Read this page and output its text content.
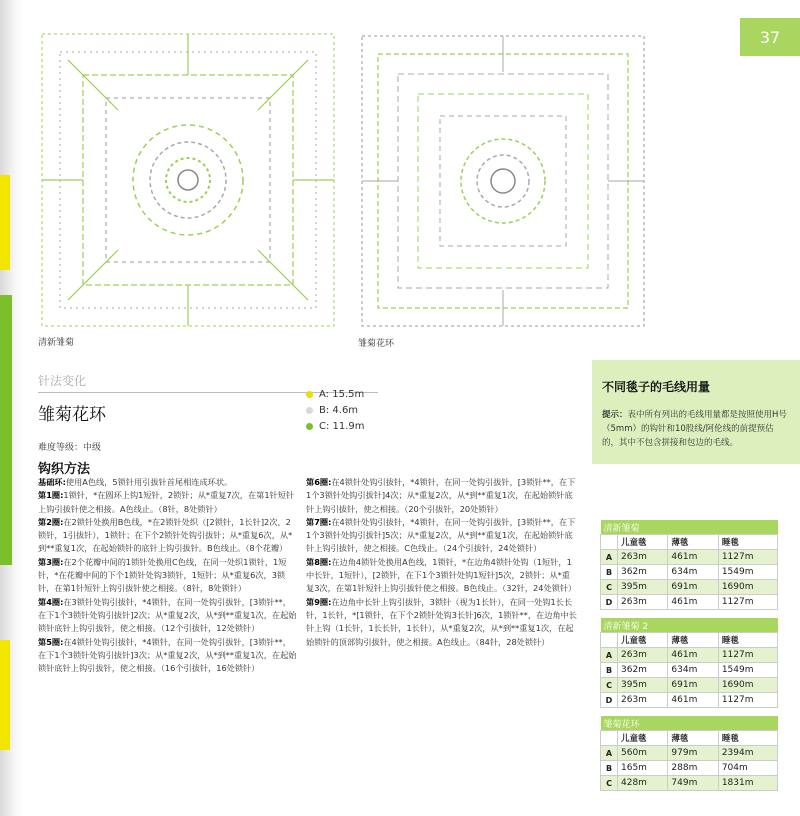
37
清新雏菊	雏菊花环
针法变化
雏菊花环
难度等级：中级
钩织方法
A: 15.5m
B: 4.6m
C: 11.9m

基础环:使用A色线，5锁针用引拔针首尾相连成环状。

第1圈:1锁针，*在圆环上钩1短针，2锁针；从*重复7次，在第1针短针上钩引拔针使之相接。A色线止。（8针，8处锁针）

第2圈:在2锁针处换用B色线，*在2锁针处织（[2锁针，1长针]2次，2锁针，1引拔针），1锁针；在下个2锁针处钩引拔针；从*重复6次，从*到**重复1次，在起始锁针的底针上钩引拔针。B色线止。（8个花瓣）

第3圈:在2个花瓣中间的1锁针处换用C色线，在同一处织1锁针，1短针，*在花瓣中间的下个1锁针处钩3锁针，1短针；从*重复6次，3锁针，在第1针短针上钩引拔针使之相接。（8针，8处锁针）

第4圈:在3锁针处钩引拔针，*4锁针，在同一处钩引拔针，[3锁针**，在下1个3锁针处钩引拔针]2次；从*重复2次，从*到**重复1次，在起始锁针底针上钩引拔针，使之相接。（12个引拔针，12处锁针）

第5圈:在4锁针处钩引拔针，*4锁针，在同一处钩引拔针，[3锁针**，在下1个3锁针处钩引拔针]3次；从*重复2次，从*到**重复1次，在起始锁针底针上钩引拔针，使之相接。（16个引拔针，16处锁针）

第6圈:在4锁针处钩引拔针，*4锁针，在同一处钩引拔针，[3锁针**，在下1个3锁针处钩引拔针]4次；从*重复2次，从*到**重复1次，在起始锁针底针上钩引拔针，使之相接。（20个引拔针，20处锁针）

第7圈:在4锁针处钩引拔针，*4锁针，在同一处钩引拔针，[3锁针**，在下1个3锁针处钩引拔针]5次；从*重复2次，从*到**重复1次，在起始锁针底针上钩引拔针，使之相接。C色线止。（24个引拔针，24处锁针）

第8圈:在边角4锁针处换用A色线，1锁针，*在边角4锁针处钩（1短针，1中长针，1短针），[2锁针，在下1个3锁针处钩1短针]5次，2锁针；从*重复3次，在第1针短针上钩引拔针使之相接。B色线止。（32针，24处锁针）

第9圈:在边角中长针上钩引拔针，3锁针（视为1长针），在同一处钩1长长针，1长针，*[1锁针，在下个2锁针处钩3长针]6次，1锁针**，在边角中长针上钩（1长针，1长长针，1长针），从*重复2次，从*到**重复1次，在起始锁针的顶部钩引拔针，使之相接。A色线止。（84针，28处锁针）

不同毯子的毛线用量
提示：表中所有列出的毛线用量都是按照使用H号（5mm）的钩针和10股线/阿伦线的前提预估的，其中不包含拼接和包边的毛线。
清新雏菊			
	儿童毯	薄毯	睡毯
A	263m	461m	1127m
B	362m	634m	1549m
C	395m	691m	1690m
D	263m	461m	1127m
清新雏菊 2			
	儿童毯	薄毯	睡毯
A	263m	461m	1127m
B	362m	634m	1549m
C	395m	691m	1690m
D	263m	461m	1127m
雏菊花环			
	儿童毯	薄毯	睡毯
A	560m	979m	2394m
B	165m	288m	704m
C	428m	749m	1831m
